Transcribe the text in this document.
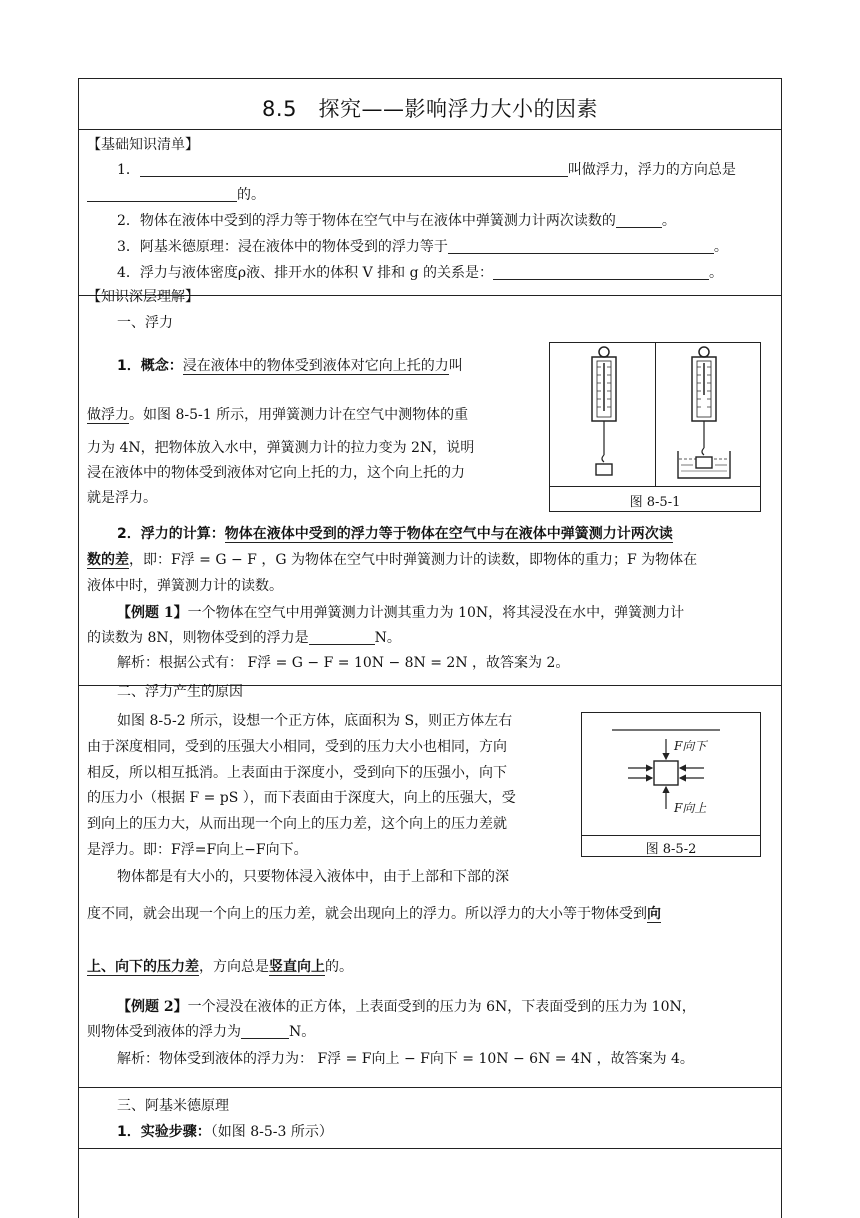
8.5　探究——影响浮力大小的因素
【基础知识清单】
1．	叫做浮力，浮力的方向总是
的。
2．物体在液体中受到的浮力等于物体在空气中与在液体中弹簧测力计两次读数的	。
3．阿基米德原理：浸在液体中的物体受到的浮力等于	。
4．浮力与液体密度ρ液、排开水的体积 V 排和 g 的关系是：	。
【知识深层理解】
一、浮力
1．概念：浸在液体中的物体受到液体对它向上托的力叫
做浮力。如图 8-5-1 所示，用弹簧测力计在空气中测物体的重
力为 4N，把物体放入水中，弹簧测力计的拉力变为 2N，说明
浸在液体中的物体受到液体对它向上托的力，这个向上托的力
就是浮力。	图 8-5-1
2．浮力的计算：物体在液体中受到的浮力等于物体在空气中与在液体中弹簧测力计两次读
数的差，即：F浮 = G − F ，G 为物体在空气中时弹簧测力计的读数，即物体的重力；F 为物体在
液体中时，弹簧测力计的读数。
【例题 1】一个物体在空气中用弹簧测力计测其重力为 10N，将其浸没在水中，弹簧测力计
的读数为 8N，则物体受到的浮力是	N。
解析：根据公式有： F浮 = G − F = 10N − 8N = 2N ，故答案为 2。
二、浮力产生的原因
如图 8-5-2 所示，设想一个正方体，底面积为 S，则正方体左右
由于深度相同，受到的压强大小相同，受到的压力大小也相同，方向
相反，所以相互抵消。上表面由于深度小，受到向下的压强小，向下
的压力小（根据 F = pS ），而下表面由于深度大，向上的压强大，受
到向上的压力大，从而出现一个向上的压力差，这个向上的压力差就
是浮力。即：F浮=F向上−F向下。
物体都是有大小的，只要物体浸入液体中，由于上部和下部的深
度不同，就会出现一个向上的压力差，就会出现向上的浮力。所以浮力的大小等于物体受到向
上、向下的压力差，方向总是竖直向上的。
F向下
F向上
图 8-5-2
【例题 2】一个浸没在液体的正方体，上表面受到的压力为 6N，下表面受到的压力为 10N，
则物体受到液体的浮力为	N。
解析：物体受到液体的浮力为： F浮 = F向上 − F向下 = 10N − 6N = 4N ，故答案为 4。
三、阿基米德原理
1．实验步骤：（如图 8-5-3 所示）
